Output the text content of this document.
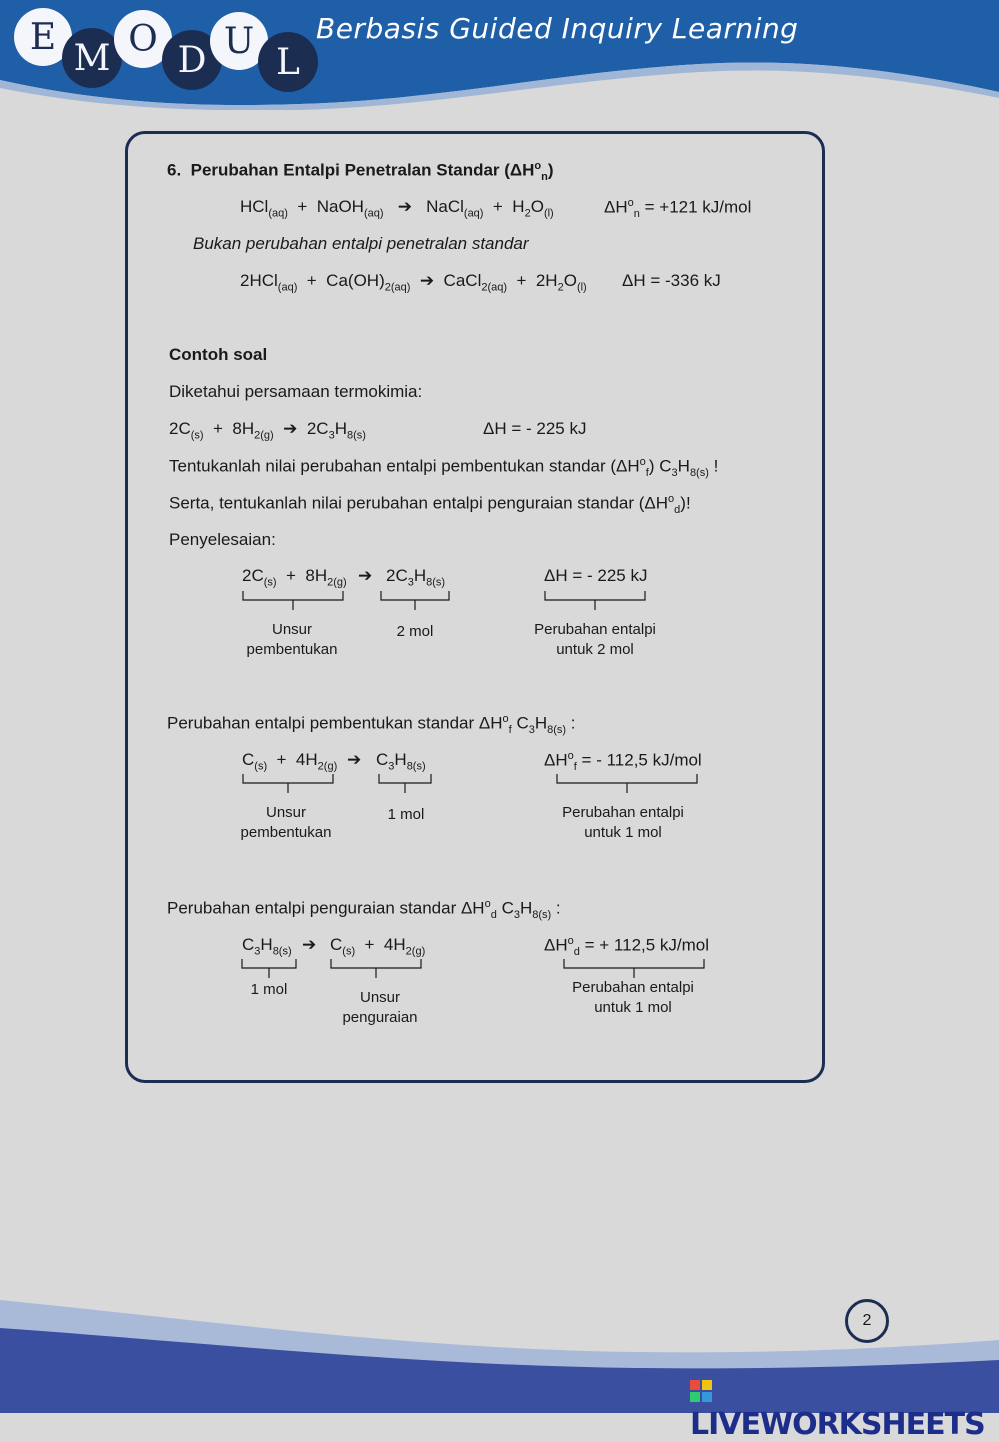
E
M O
D U
L
Berbasis Guided Inquiry Learning
6.  Perubahan Entalpi Penetralan Standar $(\Delta H^o_n)$
HCl$_{(aq)}$  +  NaOH$_{(aq)}$   ➔   NaCl$_{(aq)}$  +  $H_2O_{(l)}$	$\Delta H^o_n = +121$ kJ/mol
Bukan perubahan entalpi penetralan standar
$2HCl_{(aq)} + Ca(OH)_{2(aq)}$  ➔  CaCl$_{2(aq)}$  +  $2H_2O_{(l)}$ ΔH = -336 kJ
Contoh soal
Diketahui persamaan termokimia:
$2C_{(s)} + 8H_{2(g)}$  ➔  $2C_3H_{8(s)}$	ΔH = - 225 kJ
Tentukanlah nilai perubahan entalpi pembentukan standar $(\Delta H^o_f)$ $C_3H_{8(s)}$ !
Serta, tentukanlah nilai perubahan entalpi penguraian standar $(\Delta H^o_d)$!
Penyelesaian:
$2C_{(s)} + 8H_{2(g)}$ ➔ $2C_3H_{8(s)}$	ΔH = - 225 kJ
Unsur
pembentukan
2 mol	Perubahan entalpi
untuk 2 mol
Perubahan entalpi pembentukan standar $\Delta H^o_f$ $C_3H_{8(s)}$ :
$C_{(s)} + 4H_{2(g)}$ ➔ $C_3H_{8(s)}$	$\Delta H^o_f$ = - 112,5 kJ/mol
Unsur
pembentukan
1 mol	Perubahan entalpi
untuk 1 mol
Perubahan entalpi penguraian standar $\Delta H^o_d$ $C_3H_{8(s)}$ :
$C_3H_{8(s)}$ ➔ $C_{(s)} + 4H_{2(g)}$	$\Delta H^o_d$ = + 112,5 kJ/mol
1 mol	Unsur
penguraian
Perubahan entalpi
untuk 1 mol
2
LIVEWORKSHEETS
